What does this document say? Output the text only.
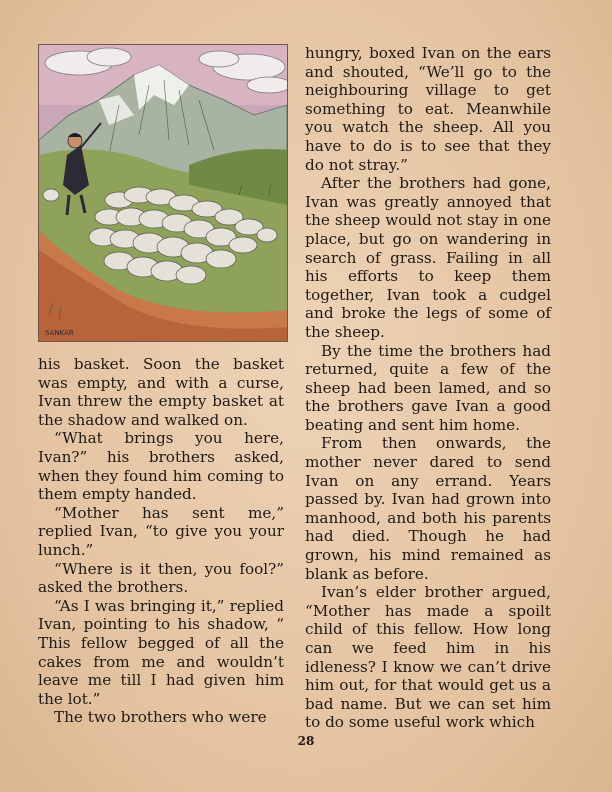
SANKAR

his basket. Soon the basket was empty, and with a curse, Ivan threw the empty basket at the shadow and walked on.

“What brings you here, Ivan?” his brothers asked, when they found him coming to them empty handed.

“Mother has sent me,” replied Ivan, “to give you your lunch.”

“Where is it then, you fool?” asked the brothers.

“As I was bringing it,” replied Ivan, pointing to his shadow, “ This fellow begged of all the cakes from me and wouldn’t leave me till I had given him the lot.”

The two brothers who were

hungry, boxed Ivan on the ears and shouted, “We’ll go to the neighbouring village to get something to eat. Meanwhile you watch the sheep. All you have to do is to see that they do not stray.”

After the brothers had gone, Ivan was greatly annoyed that the sheep would not stay in one place, but go on wandering in search of grass. Failing in all his efforts to keep them together, Ivan took a cudgel and broke the legs of some of the sheep.

By the time the brothers had returned, quite a few of the sheep had been lamed, and so the brothers gave Ivan a good beating and sent him home.

From then onwards, the mother never dared to send Ivan on any errand. Years passed by. Ivan had grown into manhood, and both his parents had died. Though he had grown, his mind remained as blank as before.

Ivan’s elder brother argued, “Mother has made a spoilt child of this fellow. How long can we feed him in his idleness? I know we can’t drive him out, for that would get us a bad name. But we can set him to do some useful work which

28
